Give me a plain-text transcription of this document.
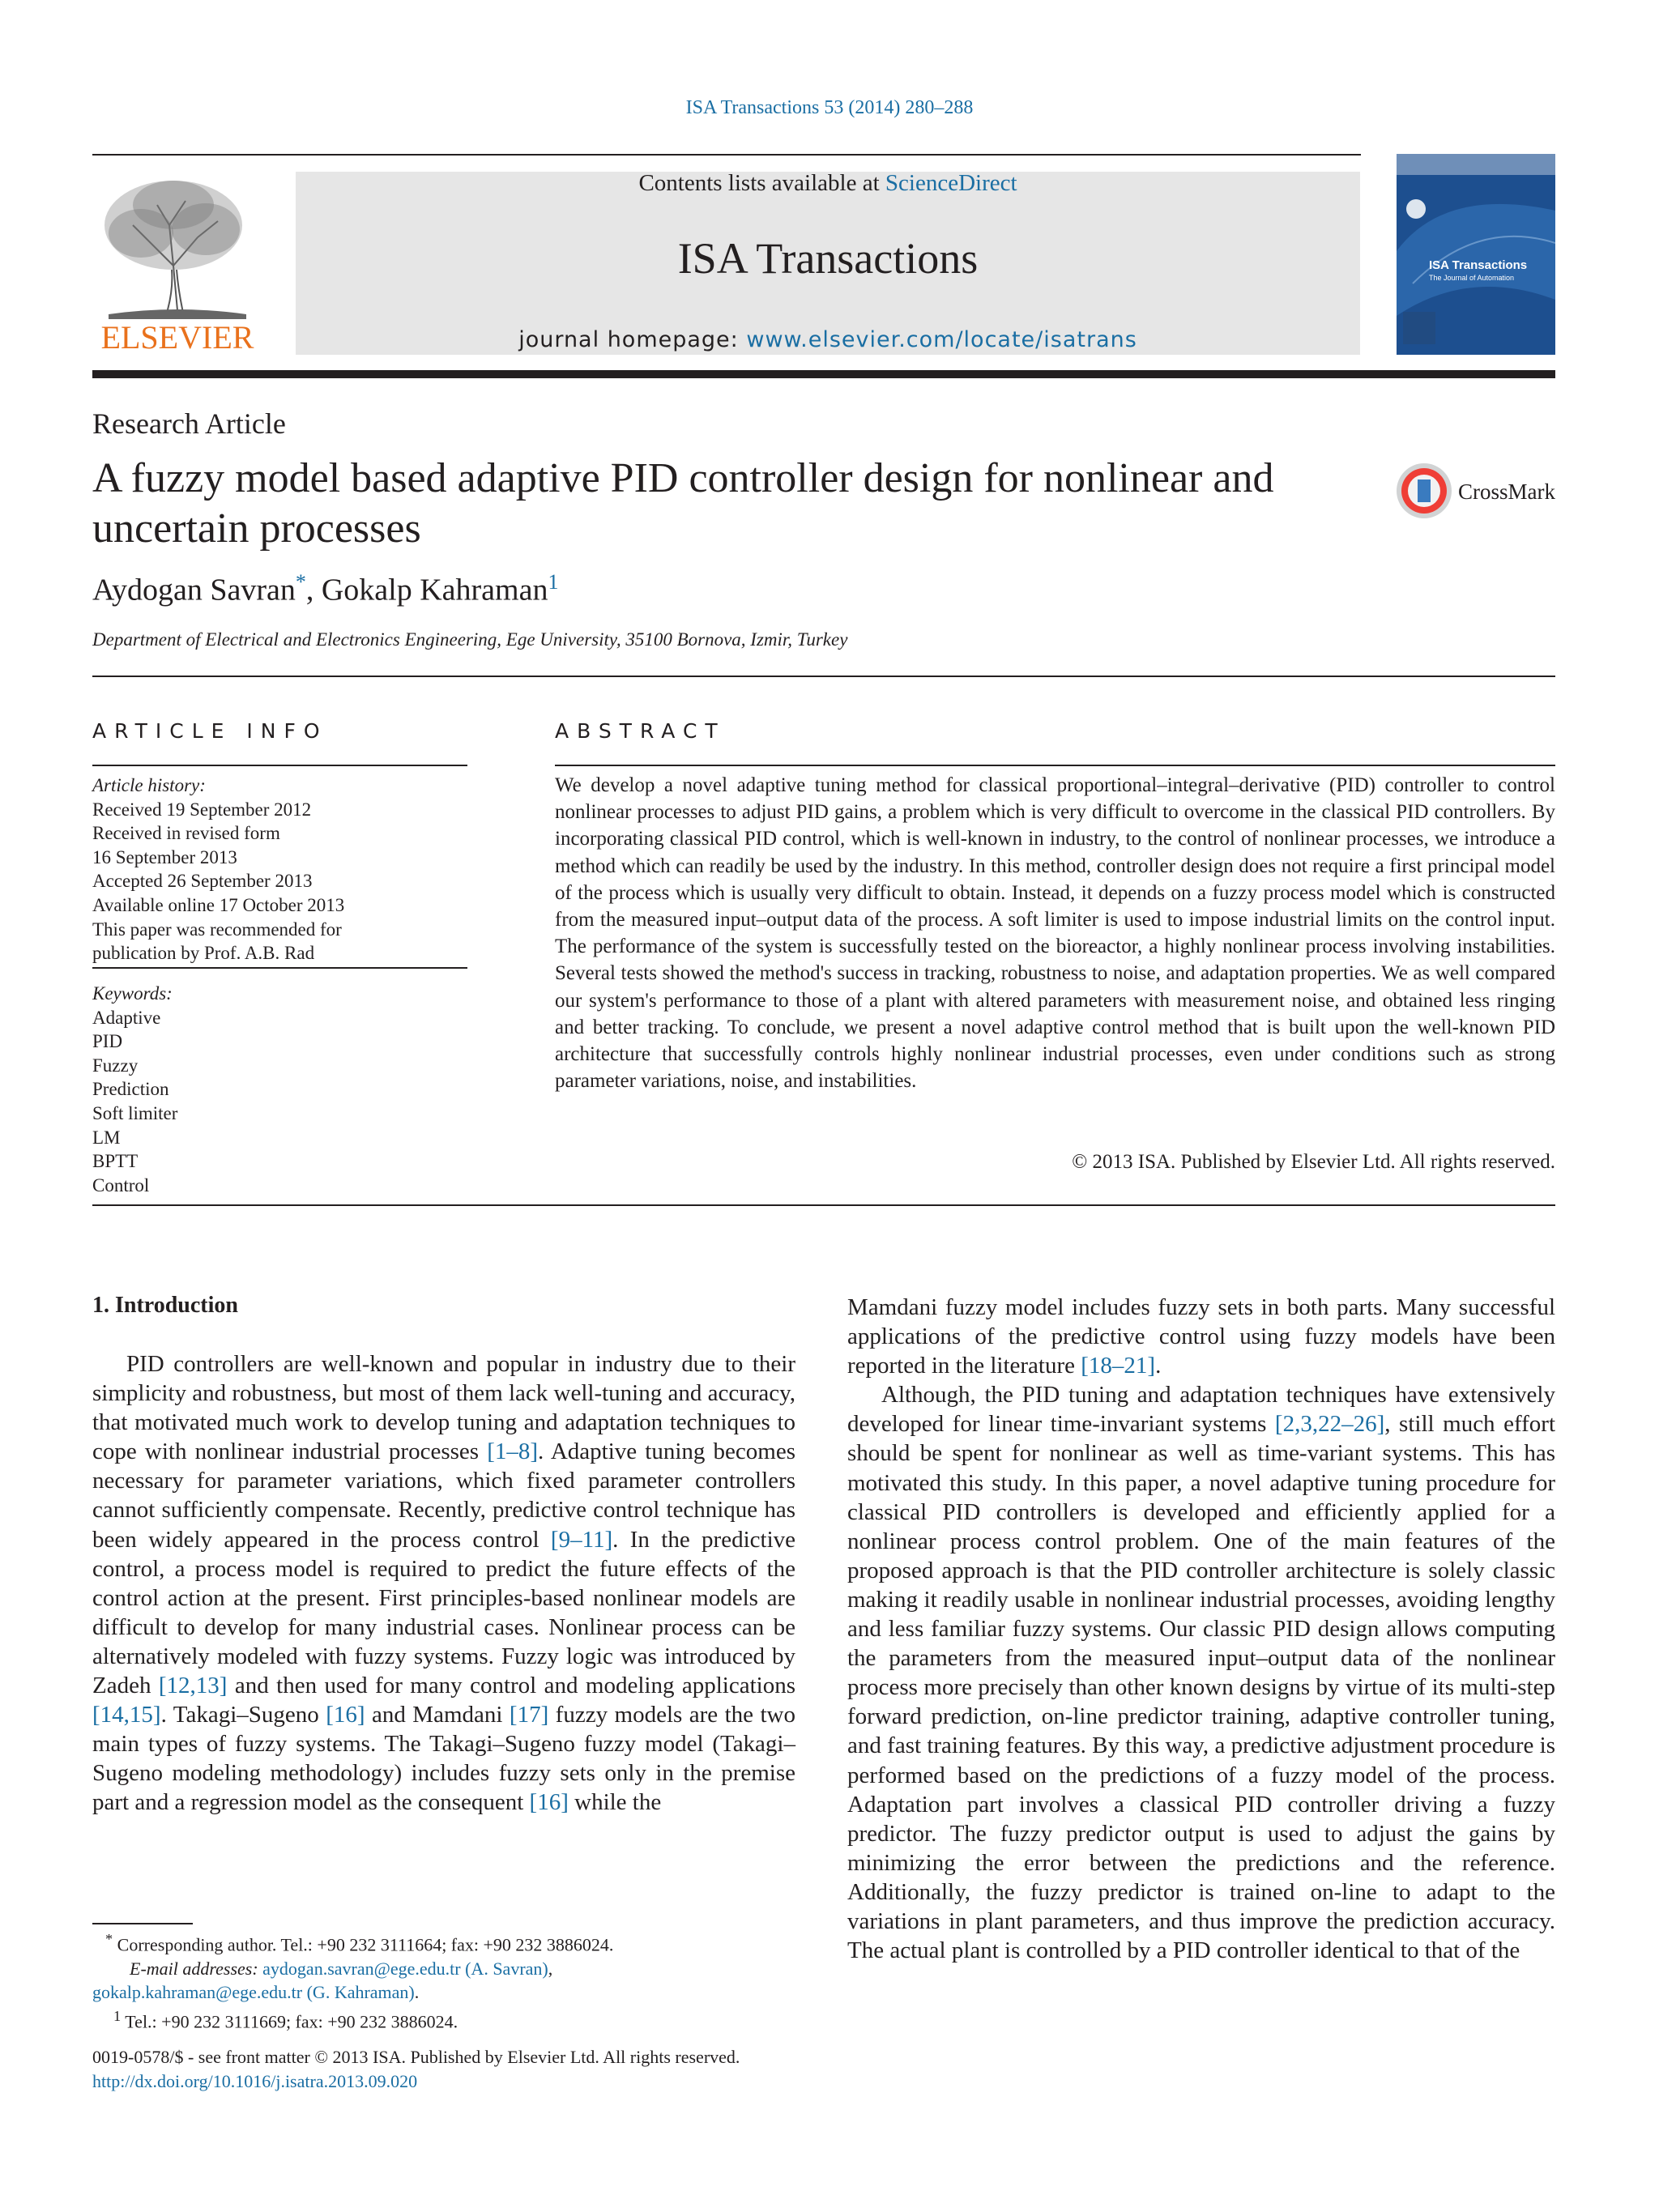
ISA Transactions 53 (2014) 280–288
ELSEVIER
Contents lists available at ScienceDirect
ISA Transactions
journal homepage: www.elsevier.com/locate/isatrans
ISA Transactions
The Journal of Automation
Research Article
A fuzzy model based adaptive PID controller design for nonlinear and uncertain processes
CrossMark
Aydogan Savran*, Gokalp Kahraman$^1$
Department of Electrical and Electronics Engineering, Ege University, 35100 Bornova, Izmir, Turkey
ARTICLE INFO	ABSTRACT
Article history:
Received 19 September 2012
Received in revised form
16 September 2013
Accepted 26 September 2013
Available online 17 October 2013
This paper was recommended for
publication by Prof. A.B. Rad
Keywords:
Adaptive
PID
Fuzzy
Prediction
Soft limiter
LM
BPTT
Control
We develop a novel adaptive tuning method for classical proportional–integral–derivative (PID) controller to control nonlinear processes to adjust PID gains, a problem which is very difficult to overcome in the classical PID controllers. By incorporating classical PID control, which is well-known in industry, to the control of nonlinear processes, we introduce a method which can readily be used by the industry. In this method, controller design does not require a first principal model of the process which is usually very difficult to obtain. Instead, it depends on a fuzzy process model which is constructed from the measured input–output data of the process. A soft limiter is used to impose industrial limits on the control input. The performance of the system is successfully tested on the bioreactor, a highly nonlinear process involving instabilities. Several tests showed the method's success in tracking, robustness to noise, and adaptation properties. We as well compared our system's performance to those of a plant with altered parameters with measurement noise, and obtained less ringing and better tracking. To conclude, we present a novel adaptive control method that is built upon the well-known PID architecture that successfully controls highly nonlinear industrial processes, even under conditions such as strong parameter variations, noise, and instabilities.
© 2013 ISA. Published by Elsevier Ltd. All rights reserved.
1. Introduction

PID controllers are well-known and popular in industry due to their simplicity and robustness, but most of them lack well-tuning and accuracy, that motivated much work to develop tuning and adaptation techniques to cope with nonlinear industrial processes [1–8]. Adaptive tuning becomes necessary for parameter variations, which fixed parameter controllers cannot sufficiently compensate. Recently, predictive control technique has been widely appeared in the process control [9–11]. In the predictive control, a process model is required to predict the future effects of the control action at the present. First principles-based nonlinear models are difficult to develop for many industrial cases. Nonlinear process can be alternatively modeled with fuzzy systems. Fuzzy logic was introduced by Zadeh [12,13] and then used for many control and modeling applications [14,15]. Takagi–Sugeno [16] and Mamdani [17] fuzzy models are the two main types of fuzzy systems. The Takagi–Sugeno fuzzy model (Takagi–Sugeno modeling methodology) includes fuzzy sets only in the premise part and a regression model as the consequent [16] while the

Mamdani fuzzy model includes fuzzy sets in both parts. Many successful applications of the predictive control using fuzzy models have been reported in the literature [18–21].

Although, the PID tuning and adaptation techniques have extensively developed for linear time-invariant systems [2,3,22–26], still much effort should be spent for nonlinear as well as time-variant systems. This has motivated this study. In this paper, a novel adaptive tuning procedure for classical PID controllers is developed and efficiently applied for a nonlinear process control problem. One of the main features of the proposed approach is that the PID controller architecture is solely classic making it readily usable in nonlinear industrial processes, avoiding lengthy and less familiar fuzzy systems. Our classic PID design allows computing the parameters from the measured input–output data of the nonlinear process more precisely than other known designs by virtue of its multi-step forward prediction, on-line predictor training, adaptive controller tuning, and fast training features. By this way, a predictive adjustment procedure is performed based on the predictions of a fuzzy model of the process. Adaptation part involves a classical PID controller driving a fuzzy predictor. The fuzzy predictor output is used to adjust the gains by minimizing the error between the predictions and the reference. Additionally, the fuzzy predictor is trained on-line to adapt to the variations in plant parameters, and thus improve the prediction accuracy. The actual plant is controlled by a PID controller identical to that of the

* Corresponding author. Tel.: +90 232 3111664; fax: +90 232 3886024.
E-mail addresses: aydogan.savran@ege.edu.tr (A. Savran),
gokalp.kahraman@ege.edu.tr (G. Kahraman).
$^1$ Tel.: +90 232 3111669; fax: +90 232 3886024.
0019-0578/$ - see front matter © 2013 ISA. Published by Elsevier Ltd. All rights reserved.
http://dx.doi.org/10.1016/j.isatra.2013.09.020
